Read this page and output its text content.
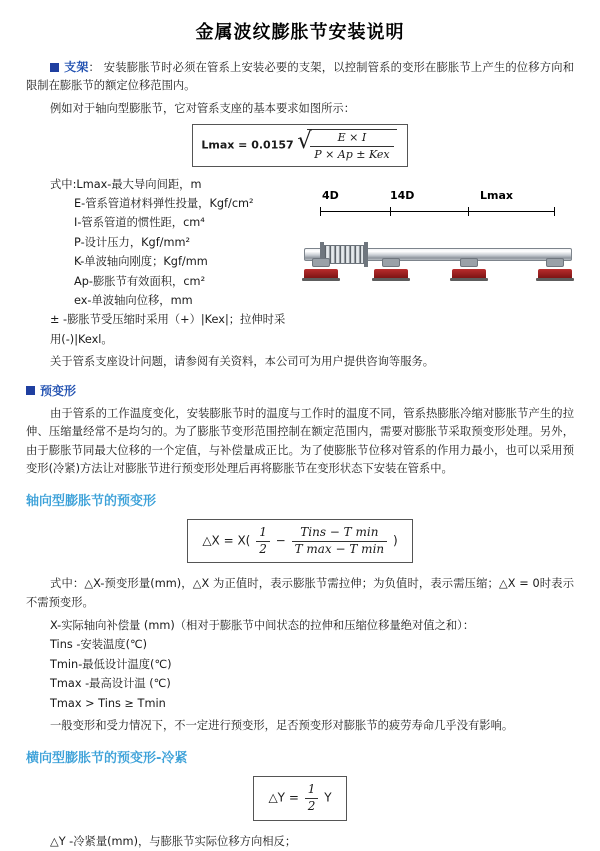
金属波纹膨胀节安装说明

支架： 安装膨胀节时必须在管系上安装必要的支架，以控制管系的变形在膨胀节上产生的位移方向和限制在膨胀节的额定位移范围内。

例如对于轴向型膨胀节，它对管系支座的基本要求如图所示：

Lmax = 0.0157 √ $\frac{E \times I}{\text{P × Ap ± Kex}}$
式中:Lmax-最大导向间距，m
E-管系管道材料弹性投量，Kgf/cm²
I-管系管道的惯性距，cm⁴
P-设计压力，Kgf/mm²
K-单波轴向刚度；Kgf/mm
Ap-膨胀节有效面积，cm²
ex-单波轴向位移，mm
± -膨胀节受压缩时采用（+）|Kex|；拉伸时采用(-)|Kexl。
4D	14D	Lmax

关于管系支座设计问题，请参阅有关资料，本公司可为用户提供咨询等服务。

预变形

由于管系的工作温度变化，安装膨胀节时的温度与工作时的温度不同，管系热膨胀冷缩对膨胀节产生的拉伸、压缩量经常不是均匀的。为了膨胀节变形范围控制在额定范围内，需要对膨胀节采取预变形处理。另外，由于膨胀节同最大位移的一个定值，与补偿量成正比。为了使膨胀节位移对管系的作用力最小，也可以采用预变形(冷紧)方法让对膨胀节进行预变形处理后再将膨胀节在变形状态下安装在管系中。

轴向型膨胀节的预变形
△X = $X( \frac{1}{2} - \frac{\text{Tins − T min}}{\text{T max − T min}}$ )

式中：△X-预变形量(mm)，△X 为正值时，表示膨胀节需拉伸；为负值时，表示需压缩；△X = 0时表示不需预变形。

X-实际轴向补偿量 (mm)（相对于膨胀节中间状态的拉伸和压缩位移量绝对值之和）：
Tins -安装温度(℃)
Tmin-最低设计温度(℃)
Tmax -最高设计温 (℃)
Tmax > Tins ≥ Tmin

一般变形和受力情况下，不一定进行预变形，足否预变形对膨胀节的疲劳寿命几乎没有影响。

横向型膨胀节的预变形-冷紧
△Y = $\frac{1}{2}$ Y

△Y -冷紧量(mm)，与膨胀节实际位移方向相反；
